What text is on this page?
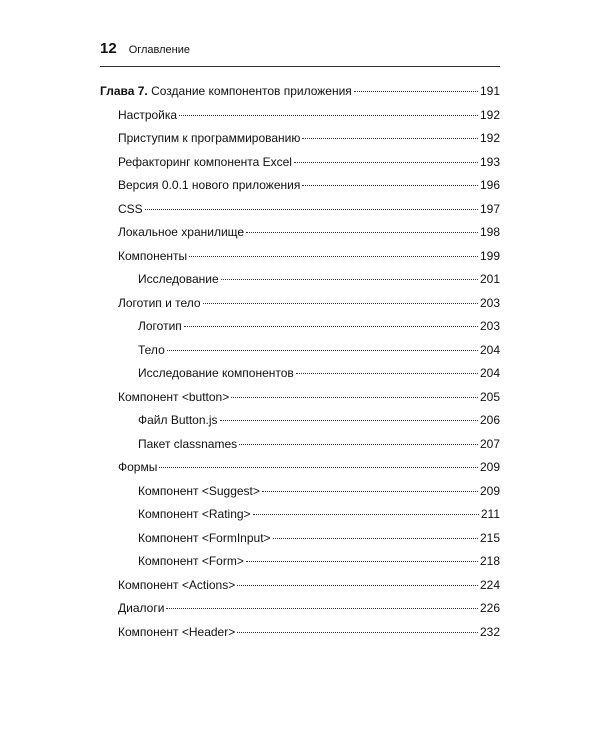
12 Оглавление
Глава 7. Создание компонентов приложения	191
Настройка	192
Приступим к программированию	192
Рефакторинг компонента Excel	193
Версия 0.0.1 нового приложения	196
CSS	197
Локальное хранилище	198
Компоненты	199
Исследование	201
Логотип и тело	203
Логотип	203
Тело	204
Исследование компонентов	204
Компонент <button>	205
Файл Button.js	206
Пакет classnames	207
Формы	209
Компонент <Suggest>	209
Компонент <Rating>	211
Компонент <FormInput>	215
Компонент <Form>	218
Компонент <Actions>	224
Диалоги	226
Компонент <Header>	232
